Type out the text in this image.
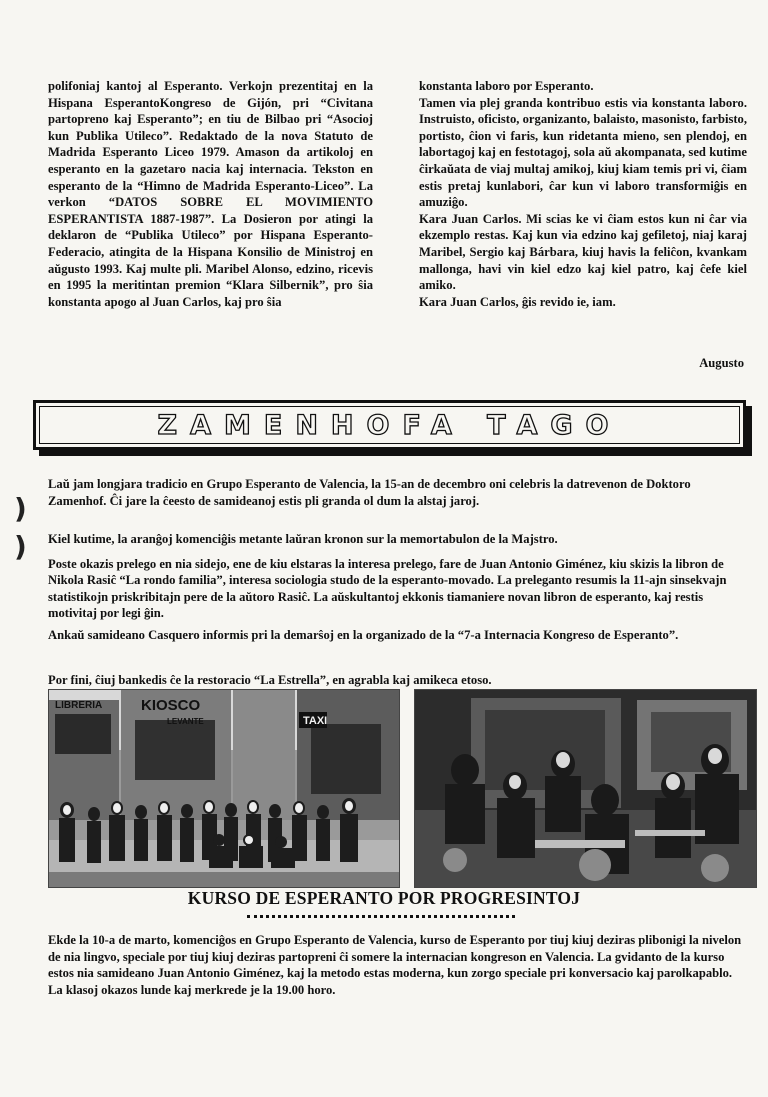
polifoniaj kantoj al Esperanto. Verkojn prezentitaj en la Hispana EsperantoKongreso de Gijón, pri “Civitana partopreno kaj Esperanto”; en tiu de Bilbao pri “Asocioj kun Publika Utileco”. Redaktado de la nova Statuto de Madrida Esperanto Liceo 1979. Amason da artikoloj en esperanto en la gazetaro nacia kaj internacia. Tekston en esperanto de la “Himno de Madrida Esperanto-Liceo”. La verkon “DATOS SOBRE EL MOVIMIENTO ESPERANTISTA 1887-1987”. La Dosieron por atingi la deklaron de “Publika Utileco” por Hispana Esperanto-Federacio, atingita de la Hispana Konsilio de Ministroj en aŭgusto 1993. Kaj multe pli. Maribel Alonso, edzino, ricevis en 1995 la meritintan premion “Klara Silbernik”, pro ŝia konstanta apogo al Juan Carlos, kaj pro ŝia

konstanta laboro por Esperanto.

Tamen via plej granda kontribuo estis via konstanta laboro. Instruisto, oficisto, organizanto, balaisto, masonisto, farbisto, portisto, ĉion vi faris, kun ridetanta mieno, sen plendoj, en labortagoj kaj en festotagoj, sola aŭ akompanata, sed kutime ĉirkaŭata de viaj multaj amikoj, kiuj kiam temis pri vi, ĉiam estis pretaj kunlabori, ĉar kun vi laboro transformiĝis en amuziĝo.

Kara Juan Carlos. Mi scias ke vi ĉiam estos kun ni ĉar via ekzemplo restas. Kaj kun via edzino kaj gefiletoj, niaj karaj Maribel, Sergio kaj Bárbara, kiuj havis la feliĉon, kvankam mallonga, havi vin kiel edzo kaj kiel patro, kaj ĉefe kiel amiko.

Kara Juan Carlos, ĝis revido ie, iam.

Augusto
ZAMENHOFA TAGO
)
)

Laŭ jam longjara tradicio en Grupo Esperanto de Valencia, la 15-an de decembro oni celebris la datrevenon de Doktoro Zamenhof. Ĉi jare la ĉeesto de samideanoj estis pli granda ol dum la alstaj jaroj.

Kiel kutime, la aranĝoj komenciĝis metante laŭran kronon sur la memortabulon de la Majstro.

Poste okazis prelego en nia sidejo, ene de kiu elstaras la interesa prelego, fare de Juan Antonio Giménez, kiu skizis la libron de Nikola Rasiĉ “La rondo familia”, interesa sociologia studo de la esperanto-movado. La preleganto resumis la 11-ajn sinsekvajn statistikojn priskribitajn pere de la aŭtoro Rasiĉ. La aŭskultantoj ekkonis tiamaniere novan libron de esperanto, kaj restis motivitaj por legi ĝin.

Ankaŭ samideano Casquero informis pri la demarŝoj en la organizado de la “7-a Internacia Kongreso de Esperanto”.

Por fini, ĉiuj bankedis ĉe la restoracio “La Estrella”, en agrabla kaj amikeca etoso.

LIBRERIA	KIOSCO
TAXI
LEVANTE
KURSO DE ESPERANTO POR PROGRESINTOJ

Ekde la 10-a de marto, komenciĝos en Grupo Esperanto de Valencia, kurso de Esperanto por tiuj kiuj deziras plibonigi la nivelon de nia lingvo, speciale por tiuj kiuj deziras partopreni ĉi somere la internacian kongreson en Valencia. La gvidanto de la kurso estos nia samideano Juan Antonio Giménez, kaj la metodo estas moderna, kun zorgo speciale pri konversacio kaj parolkapablo. La klasoj okazos lunde kaj merkrede je la 19.00 horo.
